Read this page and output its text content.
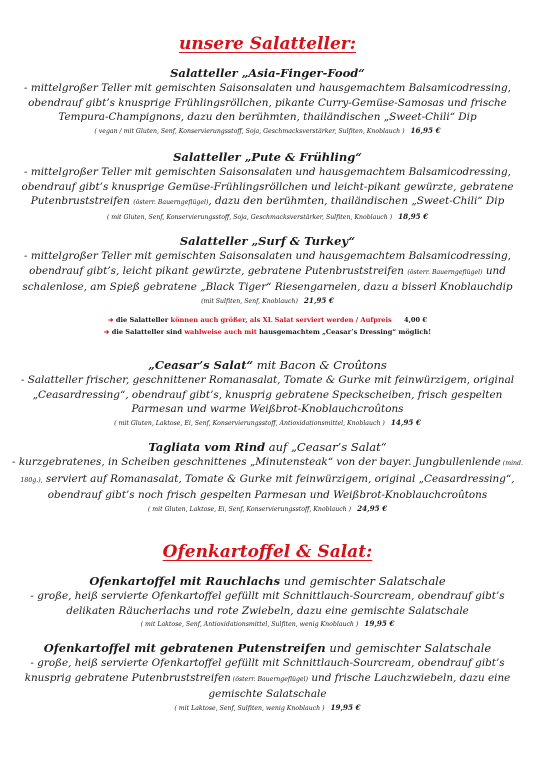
unsere Salatteller:
Salatteller „Asia-Finger-Food“

- mittelgroßer Teller mit gemischten Saisonsalaten und hausgemachtem Balsamicodressing, obendrauf gibt’s knusprige Frühlingsröllchen, pikante Curry-Gemüse-Samosas und frische Tempura-Champignons, dazu den berühmten, thailändischen „Sweet-Chili“ Dip

( vegan / mit Gluten, Senf, Konservierungsstoff, Soja, Geschmacksverstärker, Sulfiten, Knoblauch ) 16,95 €
Salatteller „Pute & Frühling“

- mittelgroßer Teller mit gemischten Saisonsalaten und hausgemachtem Balsamicodressing, obendrauf gibt’s knusprige Gemüse-Frühlingsröllchen und leicht-pikant gewürzte, gebratene Putenbruststreifen (österr. Bauerngeflügel), dazu den berühmten, thailändischen „Sweet-Chili“ Dip

( mit Gluten, Senf, Konservierungsstoff, Soja, Geschmacksverstärker, Sulfiten, Knoblauch ) 18,95 €
Salatteller „Surf & Turkey“

- mittelgroßer Teller mit gemischten Saisonsalaten und hausgemachtem Balsamicodressing, obendrauf gibt’s, leicht pikant gewürzte, gebratene Putenbruststreifen (österr. Bauerngeflügel) und schalenlose, am Spieß gebratene „Black Tiger“ Riesengarnelen, dazu a bisserl Knoblauchdip

(mit Sulfiten, Senf, Knoblauch) 21,95 €
➔ die Salatteller können auch größer, als XL Salat serviert werden / Aufpreis 4,00 €
➔ die Salatteller sind wahlweise auch mit hausgemachtem „Ceasar’s Dressing“ möglich!
„Ceasar’s Salat“ mit Bacon & Croûtons

- Salatteller frischer, geschnittener Romanasalat, Tomate & Gurke mit feinwürzigem, original „Ceasardressing“, obendrauf gibt’s, knusprig gebratene Speckscheiben, frisch gespelten Parmesan und warme Weißbrot-Knoblauchcroûtons

( mit Gluten, Laktose, Ei, Senf, Konservierungsstoff, Antioxidationsmittel, Knoblauch ) 14,95 €
Tagliata vom Rind auf „Ceasar’s Salat“

- kurzgebratenes, in Scheiben geschnittenes „Minutensteak“ von der bayer. Jungbullenlende (mind. 180g.), serviert auf Romanasalat, Tomate & Gurke mit feinwürzigem, original „Ceasardressing“, obendrauf gibt’s noch frisch gespelten Parmesan und Weißbrot-Knoblauchcroûtons

( mit Gluten, Laktose, Ei, Senf, Konservierungsstoff, Knoblauch ) 24,95 €
Ofenkartoffel & Salat:
Ofenkartoffel mit Rauchlachs und gemischter Salatschale

- große, heiß servierte Ofenkartoffel gefüllt mit Schnittlauch-Sourcream, obendrauf gibt’s delikaten Räucherlachs und rote Zwiebeln, dazu eine gemischte Salatschale

( mit Laktose, Senf, Antioxidationsmittel, Sulfiten, wenig Knoblauch ) 19,95 €
Ofenkartoffel mit gebratenen Putenstreifen und gemischter Salatschale

- große, heiß servierte Ofenkartoffel gefüllt mit Schnittlauch-Sourcream, obendrauf gibt’s knusprig gebratene Putenbruststreifen (österr. Bauerngeflügel) und frische Lauchzwiebeln, dazu eine gemischte Salatschale

( mit Laktose, Senf, Sulfiten, wenig Knoblauch ) 19,95 €
